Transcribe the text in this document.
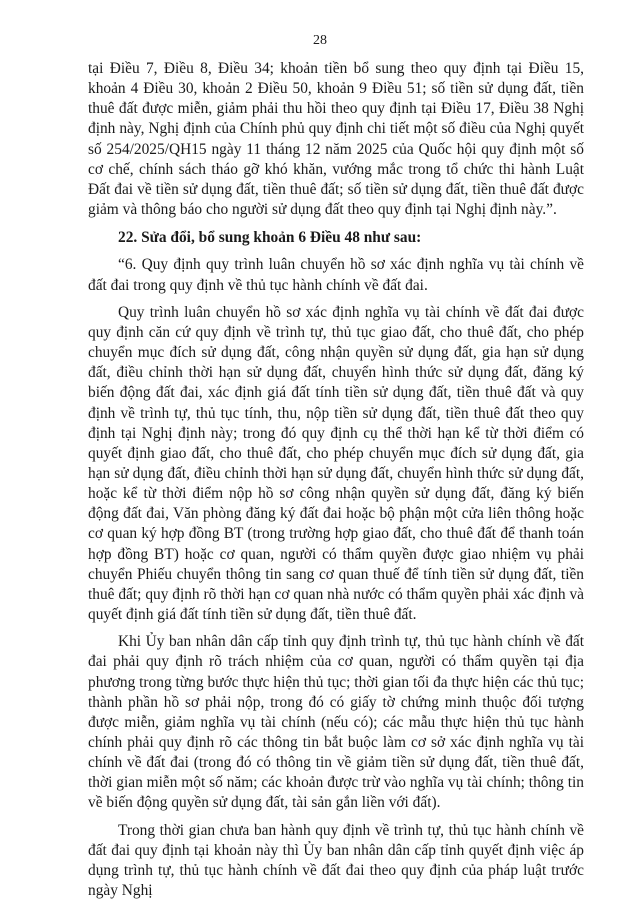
28

tại Điều 7, Điều 8, Điều 34; khoản tiền bổ sung theo quy định tại Điều 15, khoản 4 Điều 30, khoản 2 Điều 50, khoản 9 Điều 51; số tiền sử dụng đất, tiền thuê đất được miễn, giảm phải thu hồi theo quy định tại Điều 17, Điều 38 Nghị định này, Nghị định của Chính phủ quy định chi tiết một số điều của Nghị quyết số 254/2025/QH15 ngày 11 tháng 12 năm 2025 của Quốc hội quy định một số cơ chế, chính sách tháo gỡ khó khăn, vướng mắc trong tổ chức thi hành Luật Đất đai về tiền sử dụng đất, tiền thuê đất; số tiền sử dụng đất, tiền thuê đất được giảm và thông báo cho người sử dụng đất theo quy định tại Nghị định này.”.

22. Sửa đổi, bổ sung khoản 6 Điều 48 như sau:

“6. Quy định quy trình luân chuyển hồ sơ xác định nghĩa vụ tài chính về đất đai trong quy định về thủ tục hành chính về đất đai.

Quy trình luân chuyển hồ sơ xác định nghĩa vụ tài chính về đất đai được quy định căn cứ quy định về trình tự, thủ tục giao đất, cho thuê đất, cho phép chuyển mục đích sử dụng đất, công nhận quyền sử dụng đất, gia hạn sử dụng đất, điều chỉnh thời hạn sử dụng đất, chuyển hình thức sử dụng đất, đăng ký biến động đất đai, xác định giá đất tính tiền sử dụng đất, tiền thuê đất và quy định về trình tự, thủ tục tính, thu, nộp tiền sử dụng đất, tiền thuê đất theo quy định tại Nghị định này; trong đó quy định cụ thể thời hạn kể từ thời điểm có quyết định giao đất, cho thuê đất, cho phép chuyển mục đích sử dụng đất, gia hạn sử dụng đất, điều chỉnh thời hạn sử dụng đất, chuyển hình thức sử dụng đất, hoặc kể từ thời điểm nộp hồ sơ công nhận quyền sử dụng đất, đăng ký biến động đất đai, Văn phòng đăng ký đất đai hoặc bộ phận một cửa liên thông hoặc cơ quan ký hợp đồng BT (trong trường hợp giao đất, cho thuê đất để thanh toán hợp đồng BT) hoặc cơ quan, người có thẩm quyền được giao nhiệm vụ phải chuyển Phiếu chuyển thông tin sang cơ quan thuế để tính tiền sử dụng đất, tiền thuê đất; quy định rõ thời hạn cơ quan nhà nước có thẩm quyền phải xác định và quyết định giá đất tính tiền sử dụng đất, tiền thuê đất.

Khi Ủy ban nhân dân cấp tỉnh quy định trình tự, thủ tục hành chính về đất đai phải quy định rõ trách nhiệm của cơ quan, người có thẩm quyền tại địa phương trong từng bước thực hiện thủ tục; thời gian tối đa thực hiện các thủ tục; thành phần hồ sơ phải nộp, trong đó có giấy tờ chứng minh thuộc đối tượng được miễn, giảm nghĩa vụ tài chính (nếu có); các mẫu thực hiện thủ tục hành chính phải quy định rõ các thông tin bắt buộc làm cơ sở xác định nghĩa vụ tài chính về đất đai (trong đó có thông tin về giảm tiền sử dụng đất, tiền thuê đất, thời gian miễn một số năm; các khoản được trừ vào nghĩa vụ tài chính; thông tin về biến động quyền sử dụng đất, tài sản gắn liền với đất).

Trong thời gian chưa ban hành quy định về trình tự, thủ tục hành chính về đất đai quy định tại khoản này thì Ủy ban nhân dân cấp tỉnh quyết định việc áp dụng trình tự, thủ tục hành chính về đất đai theo quy định của pháp luật trước ngày Nghị
